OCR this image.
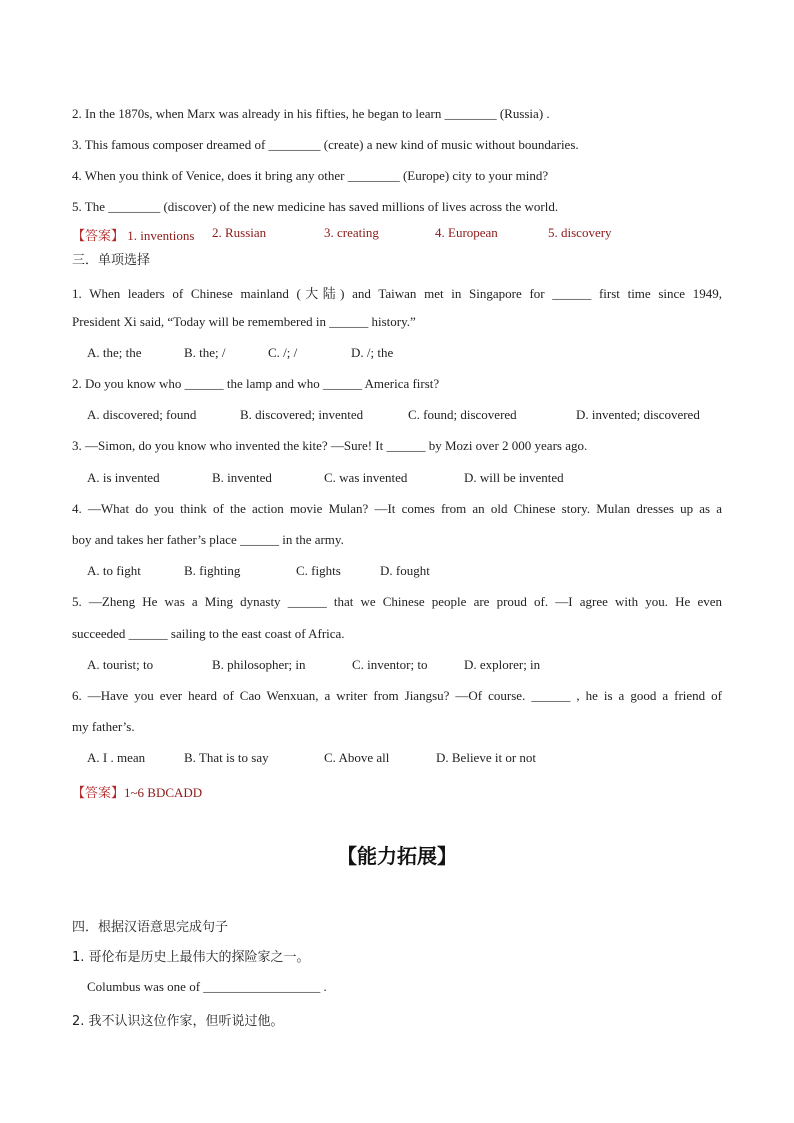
2. In the 1870s, when Marx was already in his fifties, he began to learn ________ (Russia) .
3. This famous composer dreamed of ________ (create) a new kind of music without boundaries.
4. When you think of Venice, does it bring any other ________ (Europe) city to your mind?
5. The ________ (discover) of the new medicine has saved millions of lives across the world.
【答案】 1. inventions 2. Russian	3. creating	4. European	5. discovery
三．单项选择
1. When leaders of Chinese mainland (大陆) and Taiwan met in Singapore for ______ first time since 1949,
President Xi said, “Today will be remembered in ______ history.”
A. the; the	B. the; /	C. /; /	D. /; the
2. Do you know who ______ the lamp and who ______ America first?
A. discovered; found	B. discovered; invented	C. found; discovered	D. invented; discovered
3. —Simon, do you know who invented the kite? —Sure! It ______ by Mozi over 2 000 years ago.
A. is invented	B. invented	C. was invented	D. will be invented
4. —What do you think of the action movie Mulan? —It comes from an old Chinese story. Mulan dresses up as a
boy and takes her father’s place ______ in the army.
A. to fight	B. fighting	C. fights	D. fought
5. —Zheng He was a Ming dynasty ______ that we Chinese people are proud of. —I agree with you. He even
succeeded ______ sailing to the east coast of Africa.
A. tourist; to	B. philosopher; in	C. inventor; to	D. explorer; in
6. —Have you ever heard of Cao Wenxuan, a writer from Jiangsu? —Of course. ______ , he is a good a friend of
my father’s.
A. I . mean	B. That is to say	C. Above all	D. Believe it or not
【答案】1~6 BDCADD
【能力拓展】
四．根据汉语意思完成句子
1. 哥伦布是历史上最伟大的探险家之一。
Columbus was one of __________________ .
2. 我不认识这位作家，但听说过他。
